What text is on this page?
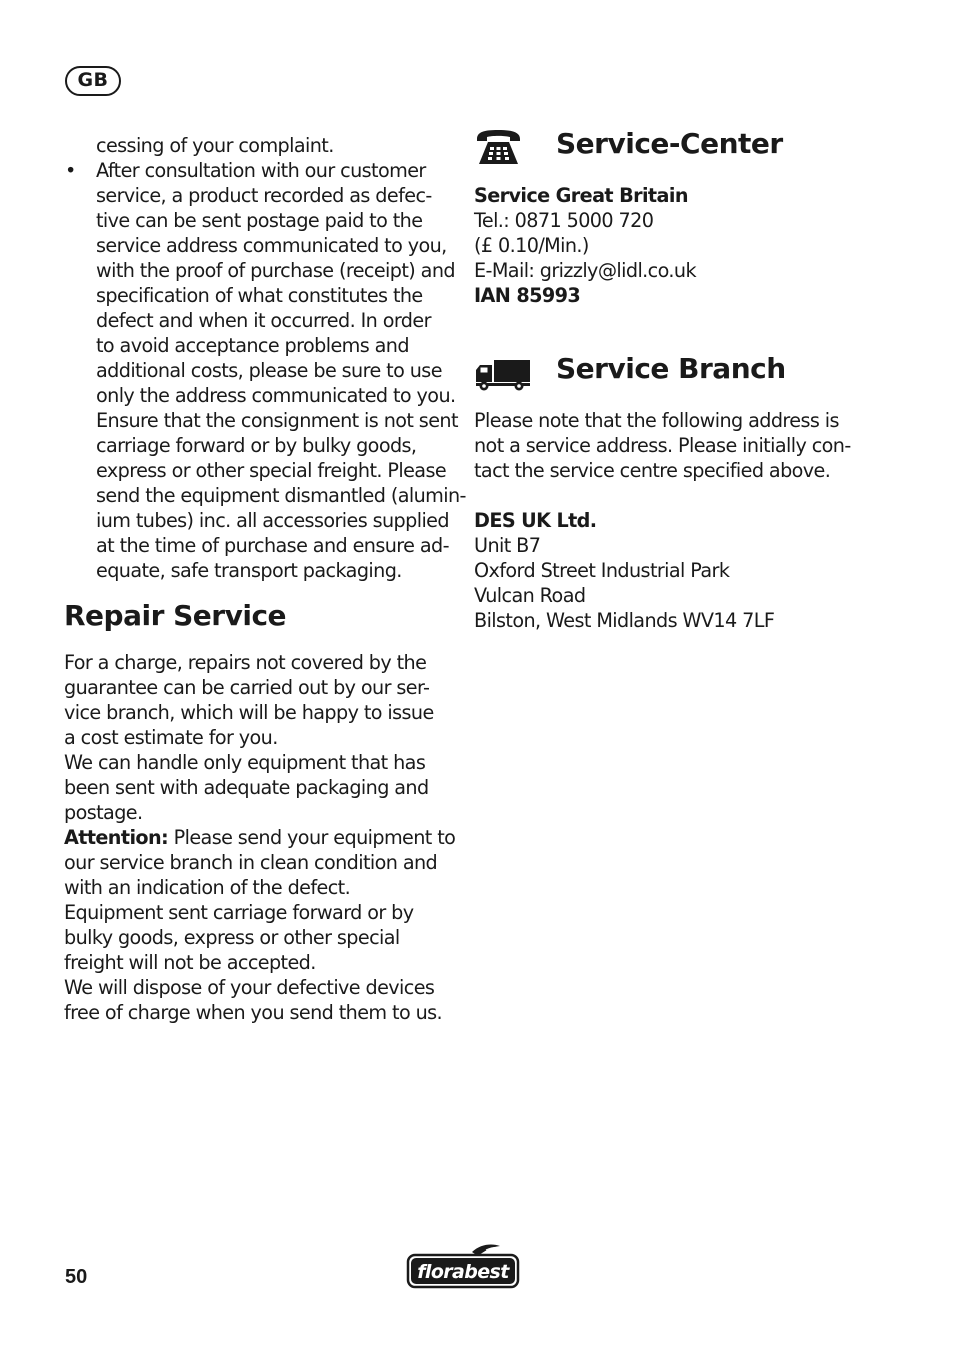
GB
cessing of your complaint.
• After consultation with our customer
service, a product recorded as defec-
tive can be sent postage paid to the
service address communicated to you,
with the proof of purchase (receipt) and
specification of what constitutes the
defect and when it occurred. In order
to avoid acceptance problems and
additional costs, please be sure to use
only the address communicated to you.
Ensure that the consignment is not sent
carriage forward or by bulky goods,
express or other special freight. Please
send the equipment dismantled (alumin-
ium tubes) inc. all accessories supplied
at the time of purchase and ensure ad-
equate, safe transport packaging.
Repair Service
For a charge, repairs not covered by the
guarantee can be carried out by our ser-
vice branch, which will be happy to issue
a cost estimate for you.
We can handle only equipment that has
been sent with adequate packaging and
postage.
Attention: Please send your equipment to
our service branch in clean condition and
with an indication of the defect.
Equipment sent carriage forward or by
bulky goods, express or other special
freight will not be accepted.
We will dispose of your defective devices
free of charge when you send them to us.
Service-Center
Service Great Britain
Tel.: 0871 5000 720
(£ 0.10/Min.)
E-Mail: grizzly@lidl.co.uk
IAN 85993
Service Branch
Please note that the following address is
not a service address. Please initially con-
tact the service centre specified above.
DES UK Ltd.
Unit B7
Oxford Street Industrial Park
Vulcan Road
Bilston, West Midlands WV14 7LF
50	florabest
